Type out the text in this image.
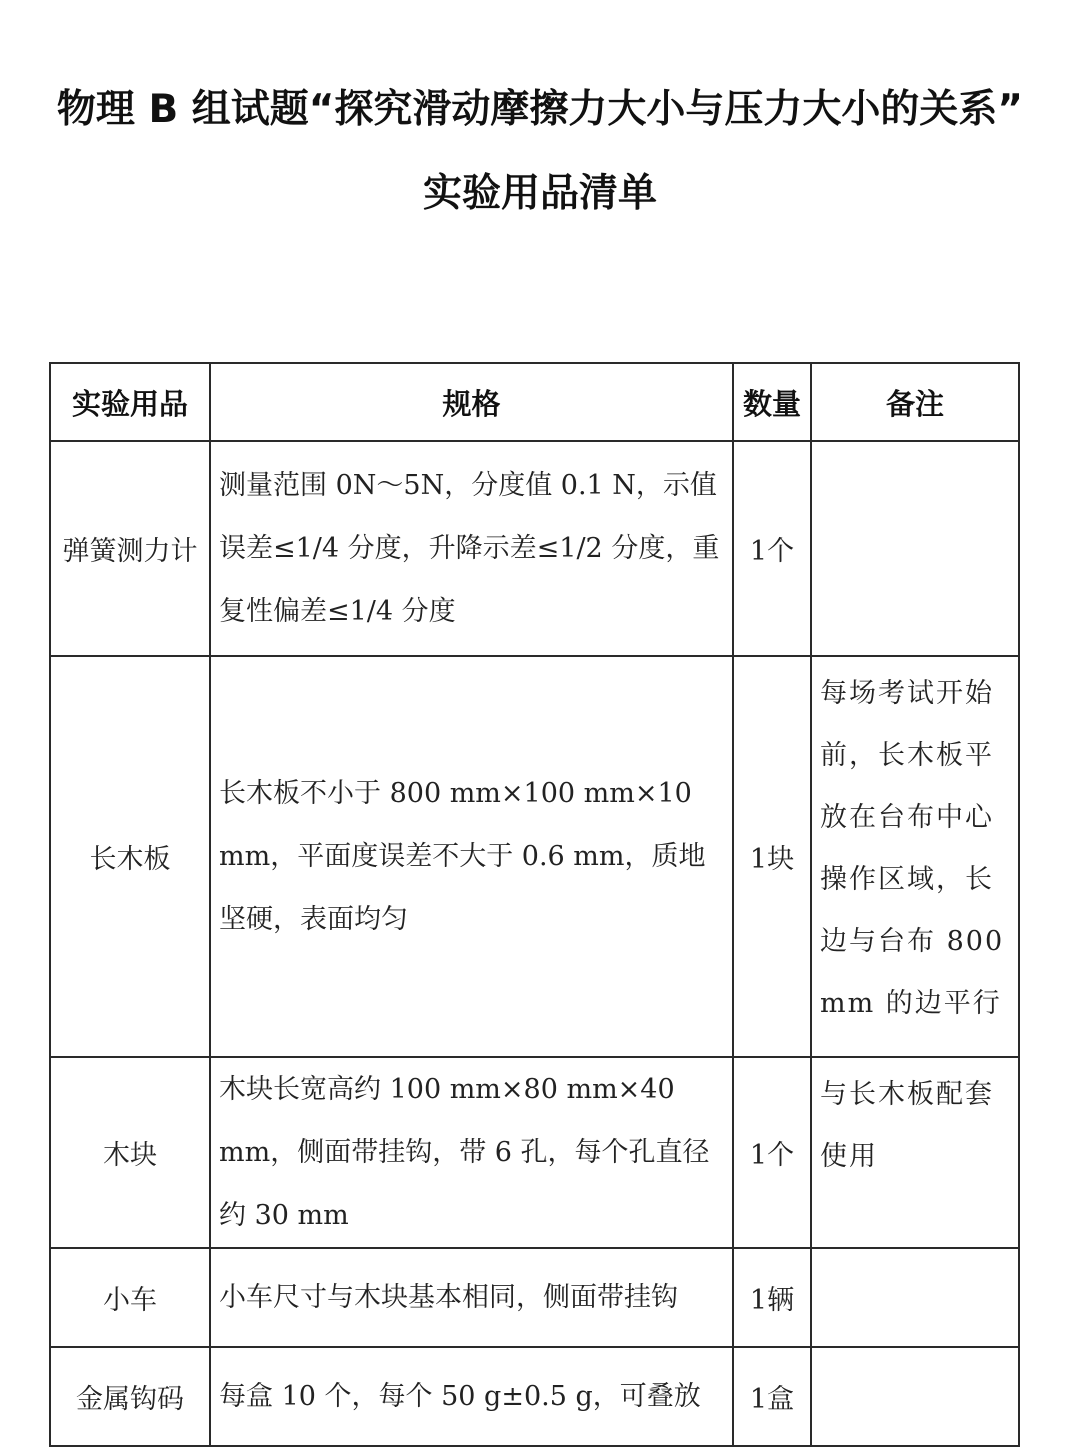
物理 B 组试题“探究滑动摩擦力大小与压力大小的关系”
实验用品清单
实验用品	规格	数量	备注
弹簧测力计	测量范围 0N～5N，分度值 0.1 N，示值误差≤1/4 分度，升降示差≤1/2 分度，重复性偏差≤1/4 分度	1个	
长木板	长木板不小于 800 mm×100 mm×10 mm，平面度误差不大于 0.6 mm，质地坚硬，表面均匀	1块	每场考试开始前，长木板平放在台布中心操作区域，长边与台布 800 mm 的边平行
木块	木块长宽高约 100 mm×80 mm×40 mm，侧面带挂钩，带 6 孔，每个孔直径约 30 mm	1个	与长木板配套使用
小车	小车尺寸与木块基本相同，侧面带挂钩	1辆	
金属钩码	每盒 10 个，每个 50 g±0.5 g，可叠放	1盒	
